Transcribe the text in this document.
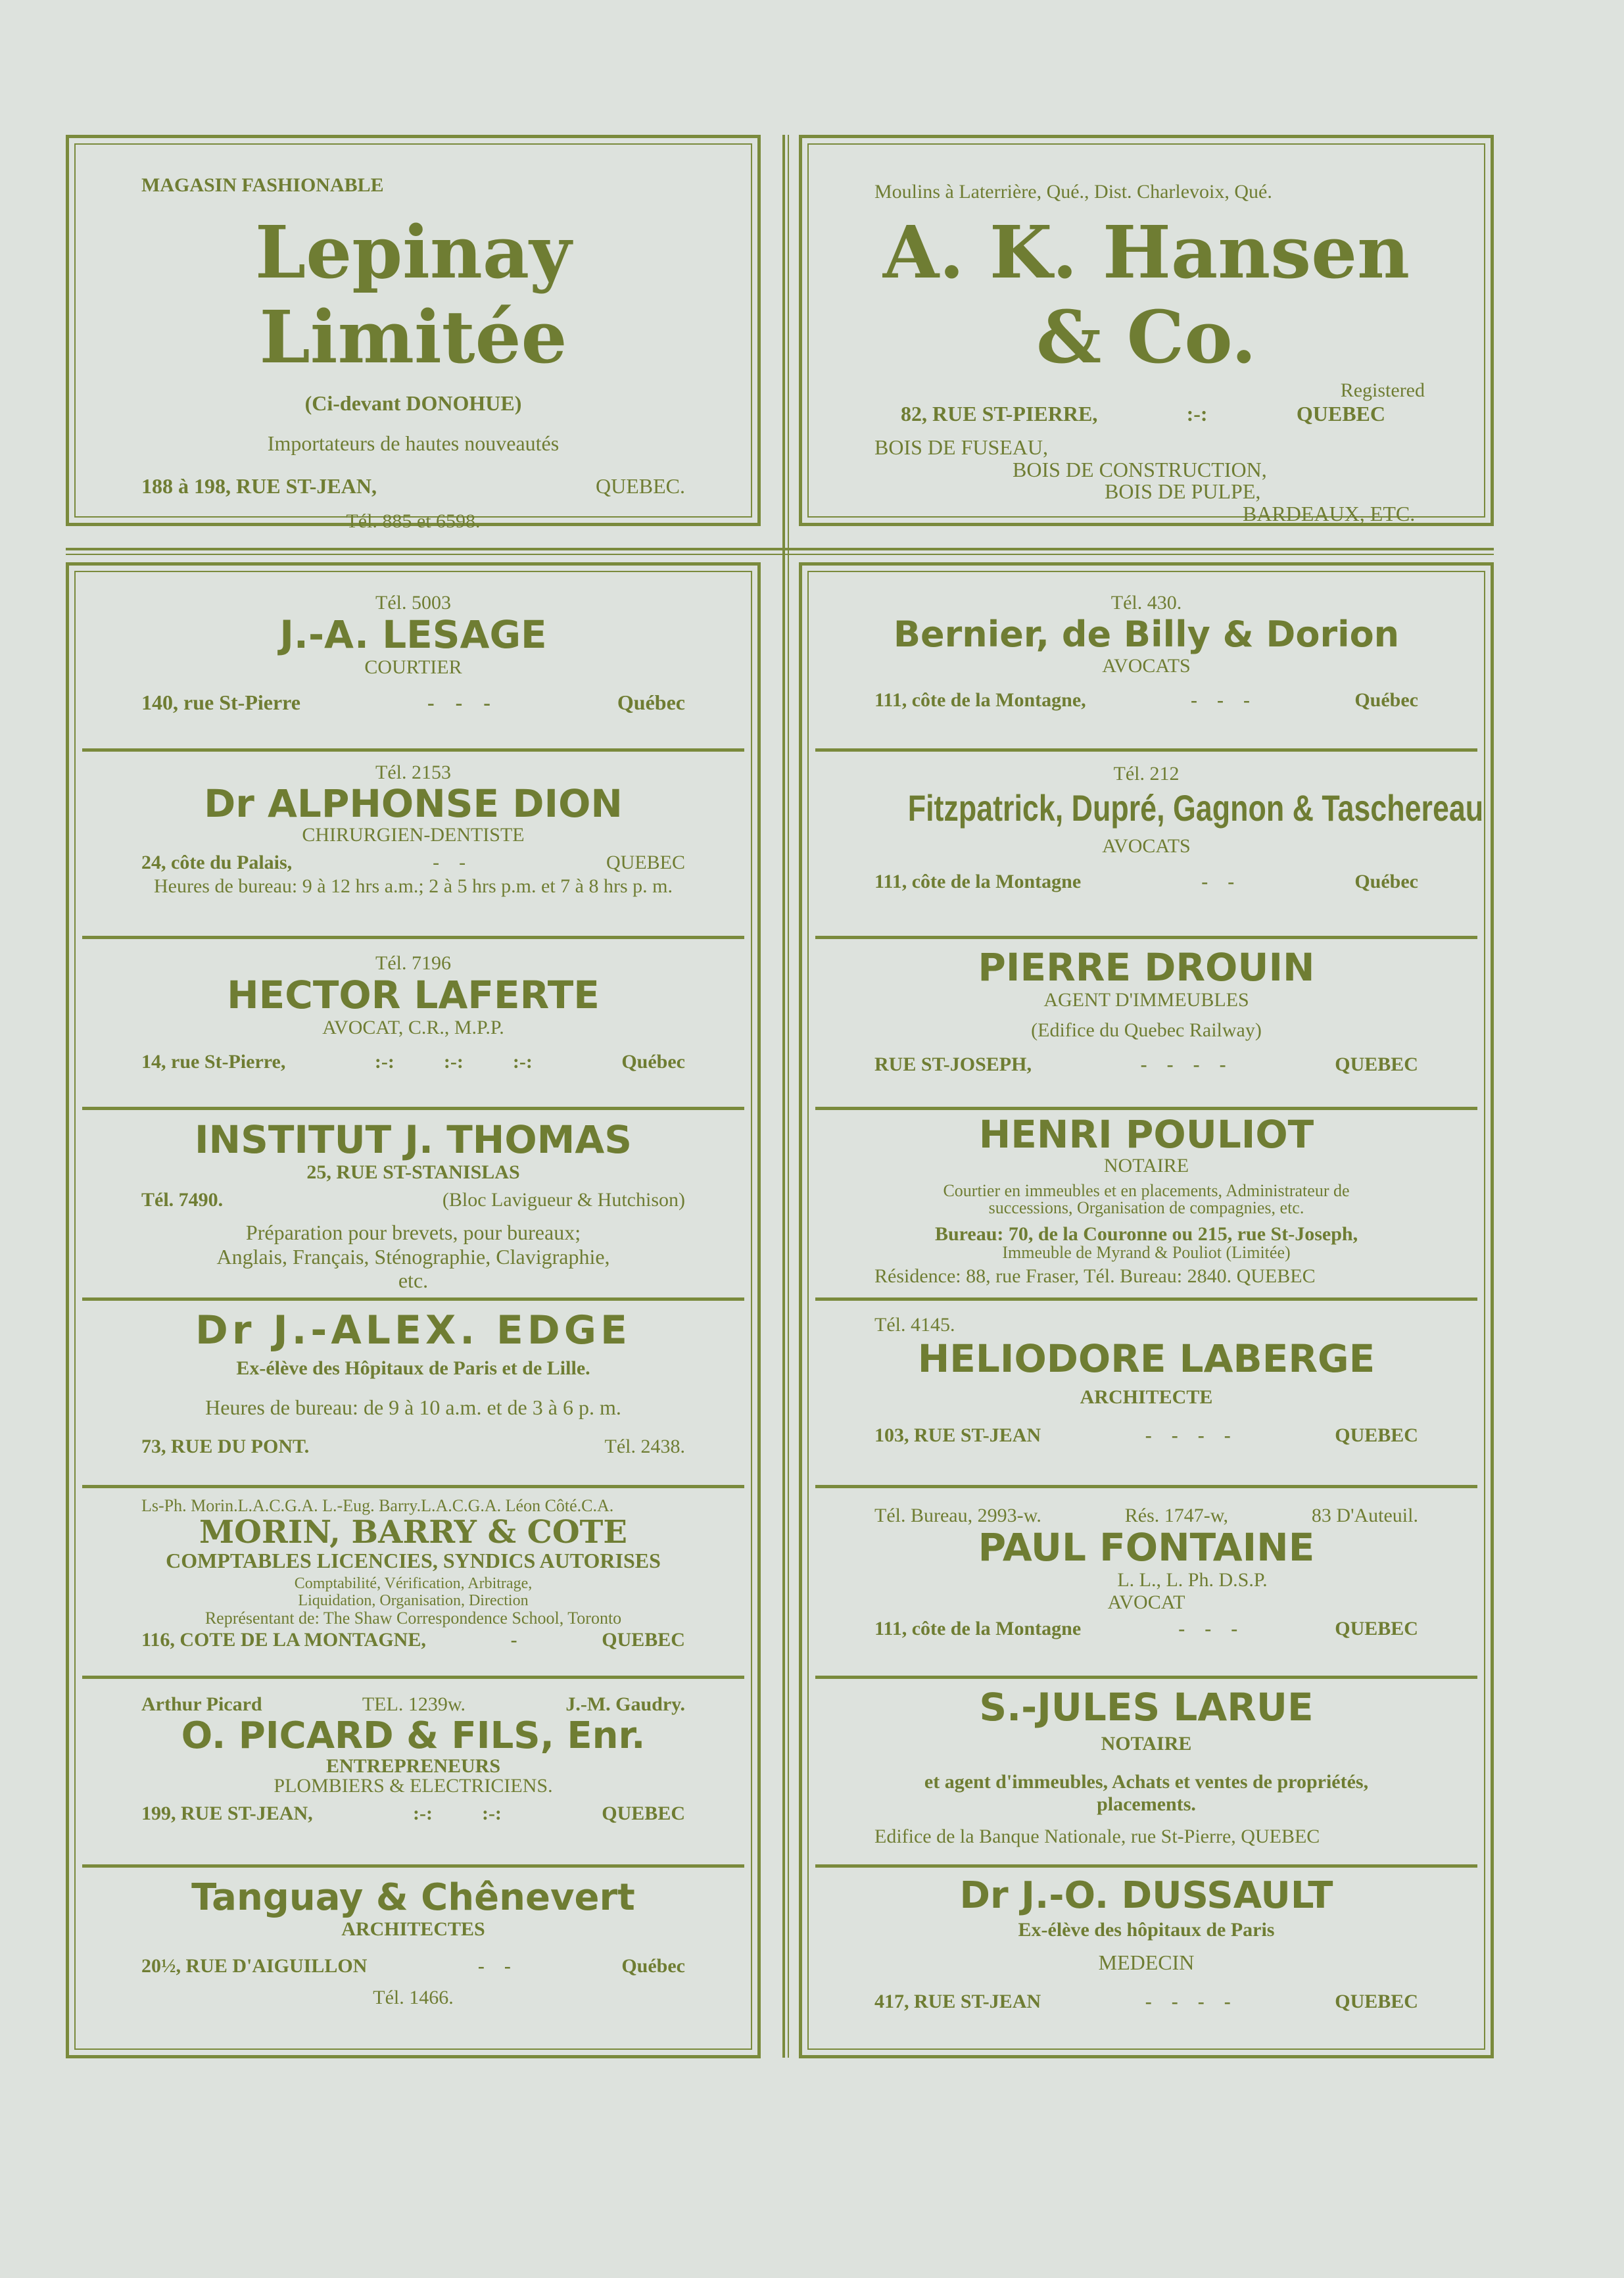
MAGASIN FASHIONABLE

Lepinay Limitée

(Ci-devant DONOHUE)

Importateurs de hautes nouveautés

188 à 198, RUE ST-JEAN,	QUEBEC.

Tél. 885 et 6598.

Moulins à Laterrière, Qué., Dist. Charlevoix, Qué.

A. K. Hansen & Co.

Registered

82, RUE ST-PIERRE,	:-:	QUEBEC

BOIS DE FUSEAU,

BOIS DE CONSTRUCTION,

BOIS DE PULPE,

BARDEAUX, ETC.

Tél. 5003

J.-A. LESAGE

COURTIER

140, rue St-Pierre	-    -    -	Québec

Tél. 2153

Dr ALPHONSE DION

CHIRURGIEN-DENTISTE

24, côte du Palais,	-    -	QUEBEC

Heures de bureau: 9 à 12 hrs a.m.; 2 à 5 hrs p.m. et 7 à 8 hrs p. m.

Tél. 7196

HECTOR LAFERTE

AVOCAT, C.R., M.P.P.

14, rue St-Pierre,	:-:          :-:          :-:	Québec

INSTITUT J. THOMAS

25, RUE ST-STANISLAS

Tél. 7490.	(Bloc Lavigueur & Hutchison)

Préparation pour brevets, pour bureaux; Anglais, Français, Sténographie, Clavigraphie, etc.

Dr J.-ALEX. EDGE

Ex-élève des Hôpitaux de Paris et de Lille.

Heures de bureau: de 9 à 10 a.m. et de 3 à 6 p. m.

73, RUE DU PONT.	Tél. 2438.

Ls-Ph. Morin.L.A.C.G.A. L.-Eug. Barry.L.A.C.G.A. Léon Côté.C.A.

MORIN, BARRY & COTE

COMPTABLES LICENCIES, SYNDICS AUTORISES

Comptabilité, Vérification, Arbitrage, Liquidation, Organisation, Direction

Représentant de: The Shaw Correspondence School, Toronto

116, COTE DE LA MONTAGNE,	-	QUEBEC
Arthur Picard	TEL. 1239w.	J.-M. Gaudry.

O. PICARD & FILS, Enr.

ENTREPRENEURS

PLOMBIERS & ELECTRICIENS.

199, RUE ST-JEAN,	:-:          :-:	QUEBEC

Tanguay & Chênevert

ARCHITECTES

20½, RUE D'AIGUILLON	-    -	Québec

Tél. 1466.

Tél. 430.

Bernier, de Billy & Dorion

AVOCATS

111, côte de la Montagne,	-    -    -	Québec

Tél. 212

Fitzpatrick, Dupré, Gagnon & Taschereau

AVOCATS

111, côte de la Montagne	-    -	Québec

PIERRE DROUIN

AGENT D'IMMEUBLES

(Edifice du Quebec Railway)

RUE ST-JOSEPH,	-    -    -    -	QUEBEC

HENRI POULIOT

NOTAIRE

Courtier en immeubles et en placements, Administrateur de successions, Organisation de compagnies, etc.

Bureau: 70, de la Couronne ou 215, rue St-Joseph,

Immeuble de Myrand & Pouliot (Limitée)

Résidence: 88, rue Fraser, Tél. Bureau: 2840. QUEBEC

Tél. 4145.

HELIODORE LABERGE

ARCHITECTE

103, RUE ST-JEAN	-    -    -    -	QUEBEC
Tél. Bureau, 2993-w.	Rés. 1747-w,	83 D'Auteuil.

PAUL FONTAINE

L. L., L. Ph. D.S.P.

AVOCAT

111, côte de la Montagne	-    -    -	QUEBEC

S.-JULES LARUE

NOTAIRE

et agent d'immeubles, Achats et ventes de propriétés, placements.

Edifice de la Banque Nationale, rue St-Pierre, QUEBEC

Dr J.-O. DUSSAULT

Ex-élève des hôpitaux de Paris

MEDECIN

417, RUE ST-JEAN	-    -    -    -	QUEBEC
